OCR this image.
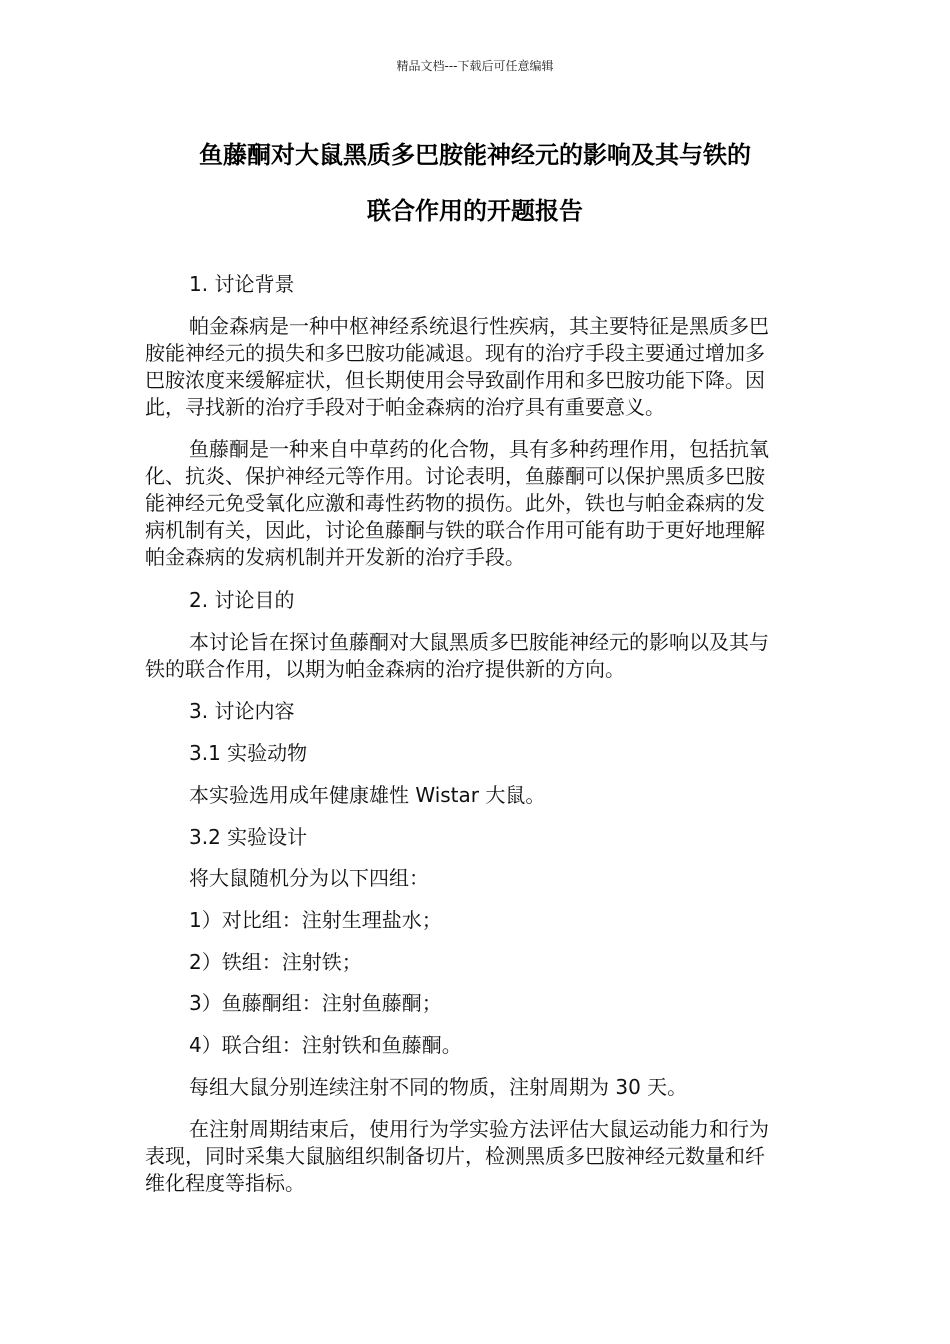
精品文档---下载后可任意编辑
鱼藤酮对大鼠黑质多巴胺能神经元的影响及其与铁的
联合作用的开题报告
1. 讨论背景
帕金森病是一种中枢神经系统退行性疾病，其主要特征是黑质多巴
胺能神经元的损失和多巴胺功能减退。现有的治疗手段主要通过增加多
巴胺浓度来缓解症状，但长期使用会导致副作用和多巴胺功能下降。因
此，寻找新的治疗手段对于帕金森病的治疗具有重要意义。
鱼藤酮是一种来自中草药的化合物，具有多种药理作用，包括抗氧
化、抗炎、保护神经元等作用。讨论表明，鱼藤酮可以保护黑质多巴胺
能神经元免受氧化应激和毒性药物的损伤。此外，铁也与帕金森病的发
病机制有关，因此，讨论鱼藤酮与铁的联合作用可能有助于更好地理解
帕金森病的发病机制并开发新的治疗手段。
2. 讨论目的
本讨论旨在探讨鱼藤酮对大鼠黑质多巴胺能神经元的影响以及其与
铁的联合作用，以期为帕金森病的治疗提供新的方向。
3. 讨论内容
3.1 实验动物
本实验选用成年健康雄性 Wistar 大鼠。
3.2 实验设计
将大鼠随机分为以下四组：
1）对比组：注射生理盐水；
2）铁组：注射铁；
3）鱼藤酮组：注射鱼藤酮；
4）联合组：注射铁和鱼藤酮。
每组大鼠分别连续注射不同的物质，注射周期为 30 天。
在注射周期结束后，使用行为学实验方法评估大鼠运动能力和行为
表现，同时采集大鼠脑组织制备切片，检测黑质多巴胺神经元数量和纤
维化程度等指标。
